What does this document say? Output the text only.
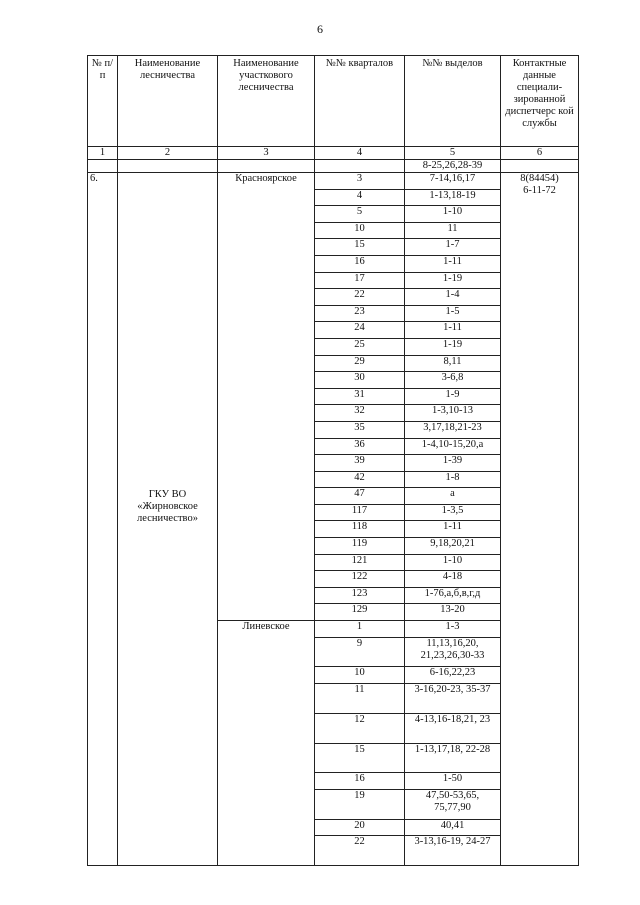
6
№ п/п	Наименование лесничества	Наименование участкового лесничества	№№ кварталов	№№ выделов	Контактные данные специали-зированной диспетчерс кой службы
1	2	3	4	5	6
				8-25,26,28-39	
6.	ГКУ ВО «Жирновское лесничество»	Красноярское	3	7-14,16,17	8(84454)
6-11-72

			4	1-13,18-19	
			5	1-10	
			10	11	
			15	1-7	
			16	1-11	
			17	1-19	
			22	1-4	
			23	1-5	
			24	1-11	
			25	1-19	
			29	8,11	
			30	3-6,8	
			31	1-9	
			32	1-3,10-13	
			35	3,17,18,21-23	
			36	1-4,10-15,20,а	
			39	1-39	
			42	1-8	
			47	а	
			117	1-3,5	
			118	1-11	
			119	9,18,20,21	
			121	1-10	
			122	4-18	
			123	1-76,а,б,в,г,д	
			129	13-20	
		Линевское	1	1-3	
			9	11,13,16,20, 21,23,26,30-33	
			10	6-16,22,23	
			11	3-16,20-23, 35-37	
			12	4-13,16-18,21, 23	
			15	1-13,17,18, 22-28	
			16	1-50	
			19	47,50-53,65, 75,77,90	
			20	40,41	
			22	3-13,16-19, 24-27	
